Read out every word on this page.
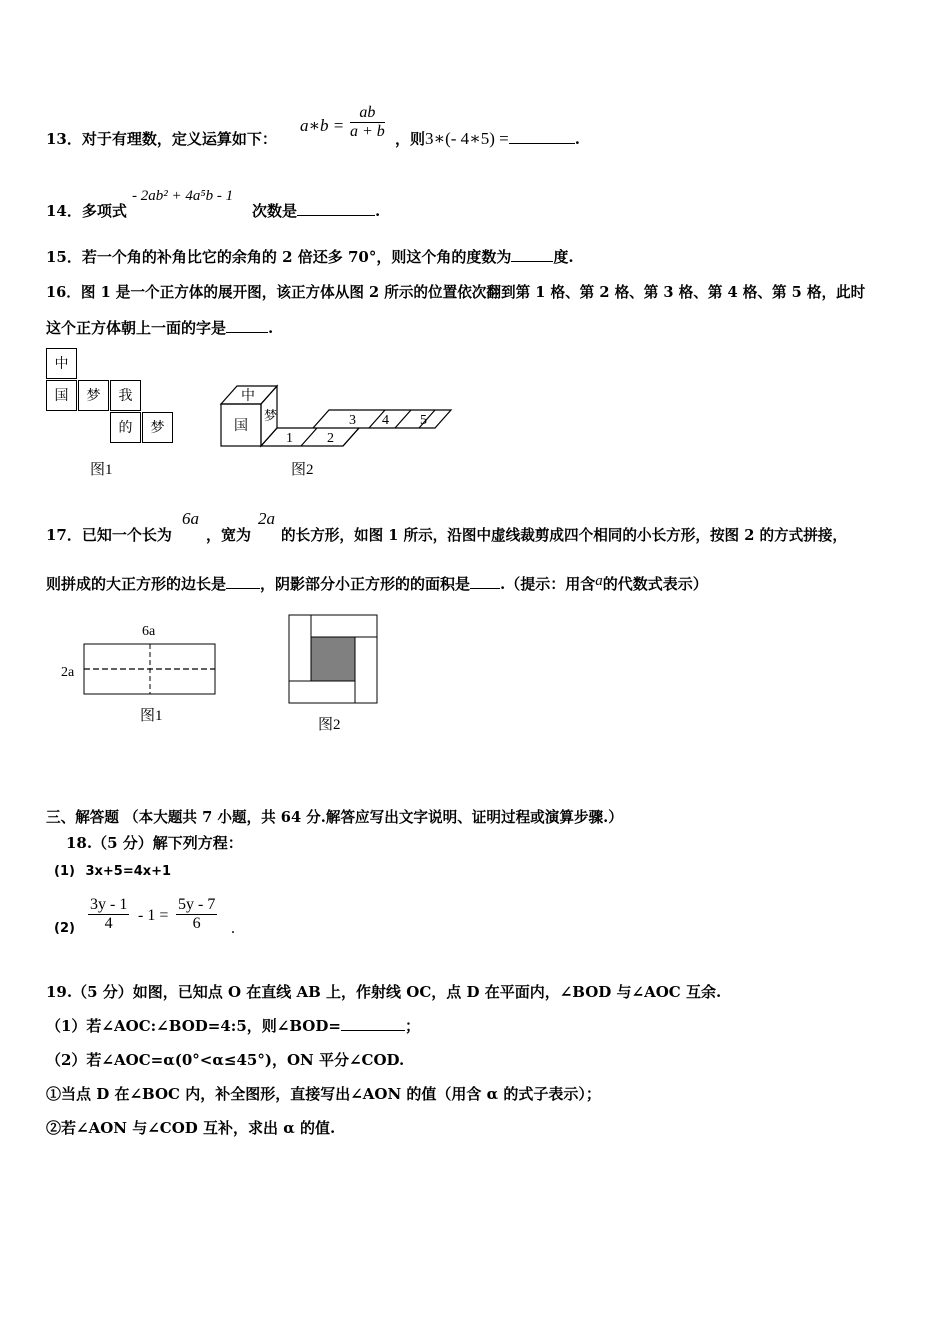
13．对于有理数，定义运算如下：
a∗b = $\frac{ab}{a + b}$ ，则3∗(- 4∗5) =	.
14．多项式
- 2ab² + 4a⁵b - 1
次数是	.
15．若一个角的补角比它的余角的 2 倍还多 70°，则这个角的度数为	度.
16．图 1 是一个正方体的展开图，该正方体从图 2 所示的位置依次翻到第 1 格、第 2 格、第 3 格、第 4 格、第 5 格，此时
这个正方体朝上一面的字是	.
中
国	梦	我
的	梦
图1
中
国
梦
1 2
3 4 5
图2
17．已知一个长为
6a
，宽为
2a
的长方形，如图 1 所示，沿图中虚线裁剪成四个相同的小长方形，按图 2 的方式拼接，
则拼成的大正方形的边长是 ，阴影部分小正方形的的面积是 .（提示：用含a的代数式表示）
6a
2a
图1
图2
三、解答题 （本大题共 7 小题，共 64 分.解答应写出文字说明、证明过程或演算步骤.）
18.（5 分）解下列方程：
(1) 3x+5=4x+1
$(2) \frac{3y - 1}{4} - 1 = \frac{5y - 7}{6}$ .
19.（5 分）如图，已知点 O 在直线 AB 上，作射线 OC，点 D 在平面内，∠BOD 与∠AOC 互余.
（1）若∠AOC:∠BOD=4:5，则∠BOD=	；
（2）若∠AOC=α(0°<α≤45°)，ON 平分∠COD.
①当点 D 在∠BOC 内，补全图形，直接写出∠AON 的值（用含 α 的式子表示）；
②若∠AON 与∠COD 互补，求出 α 的值.
